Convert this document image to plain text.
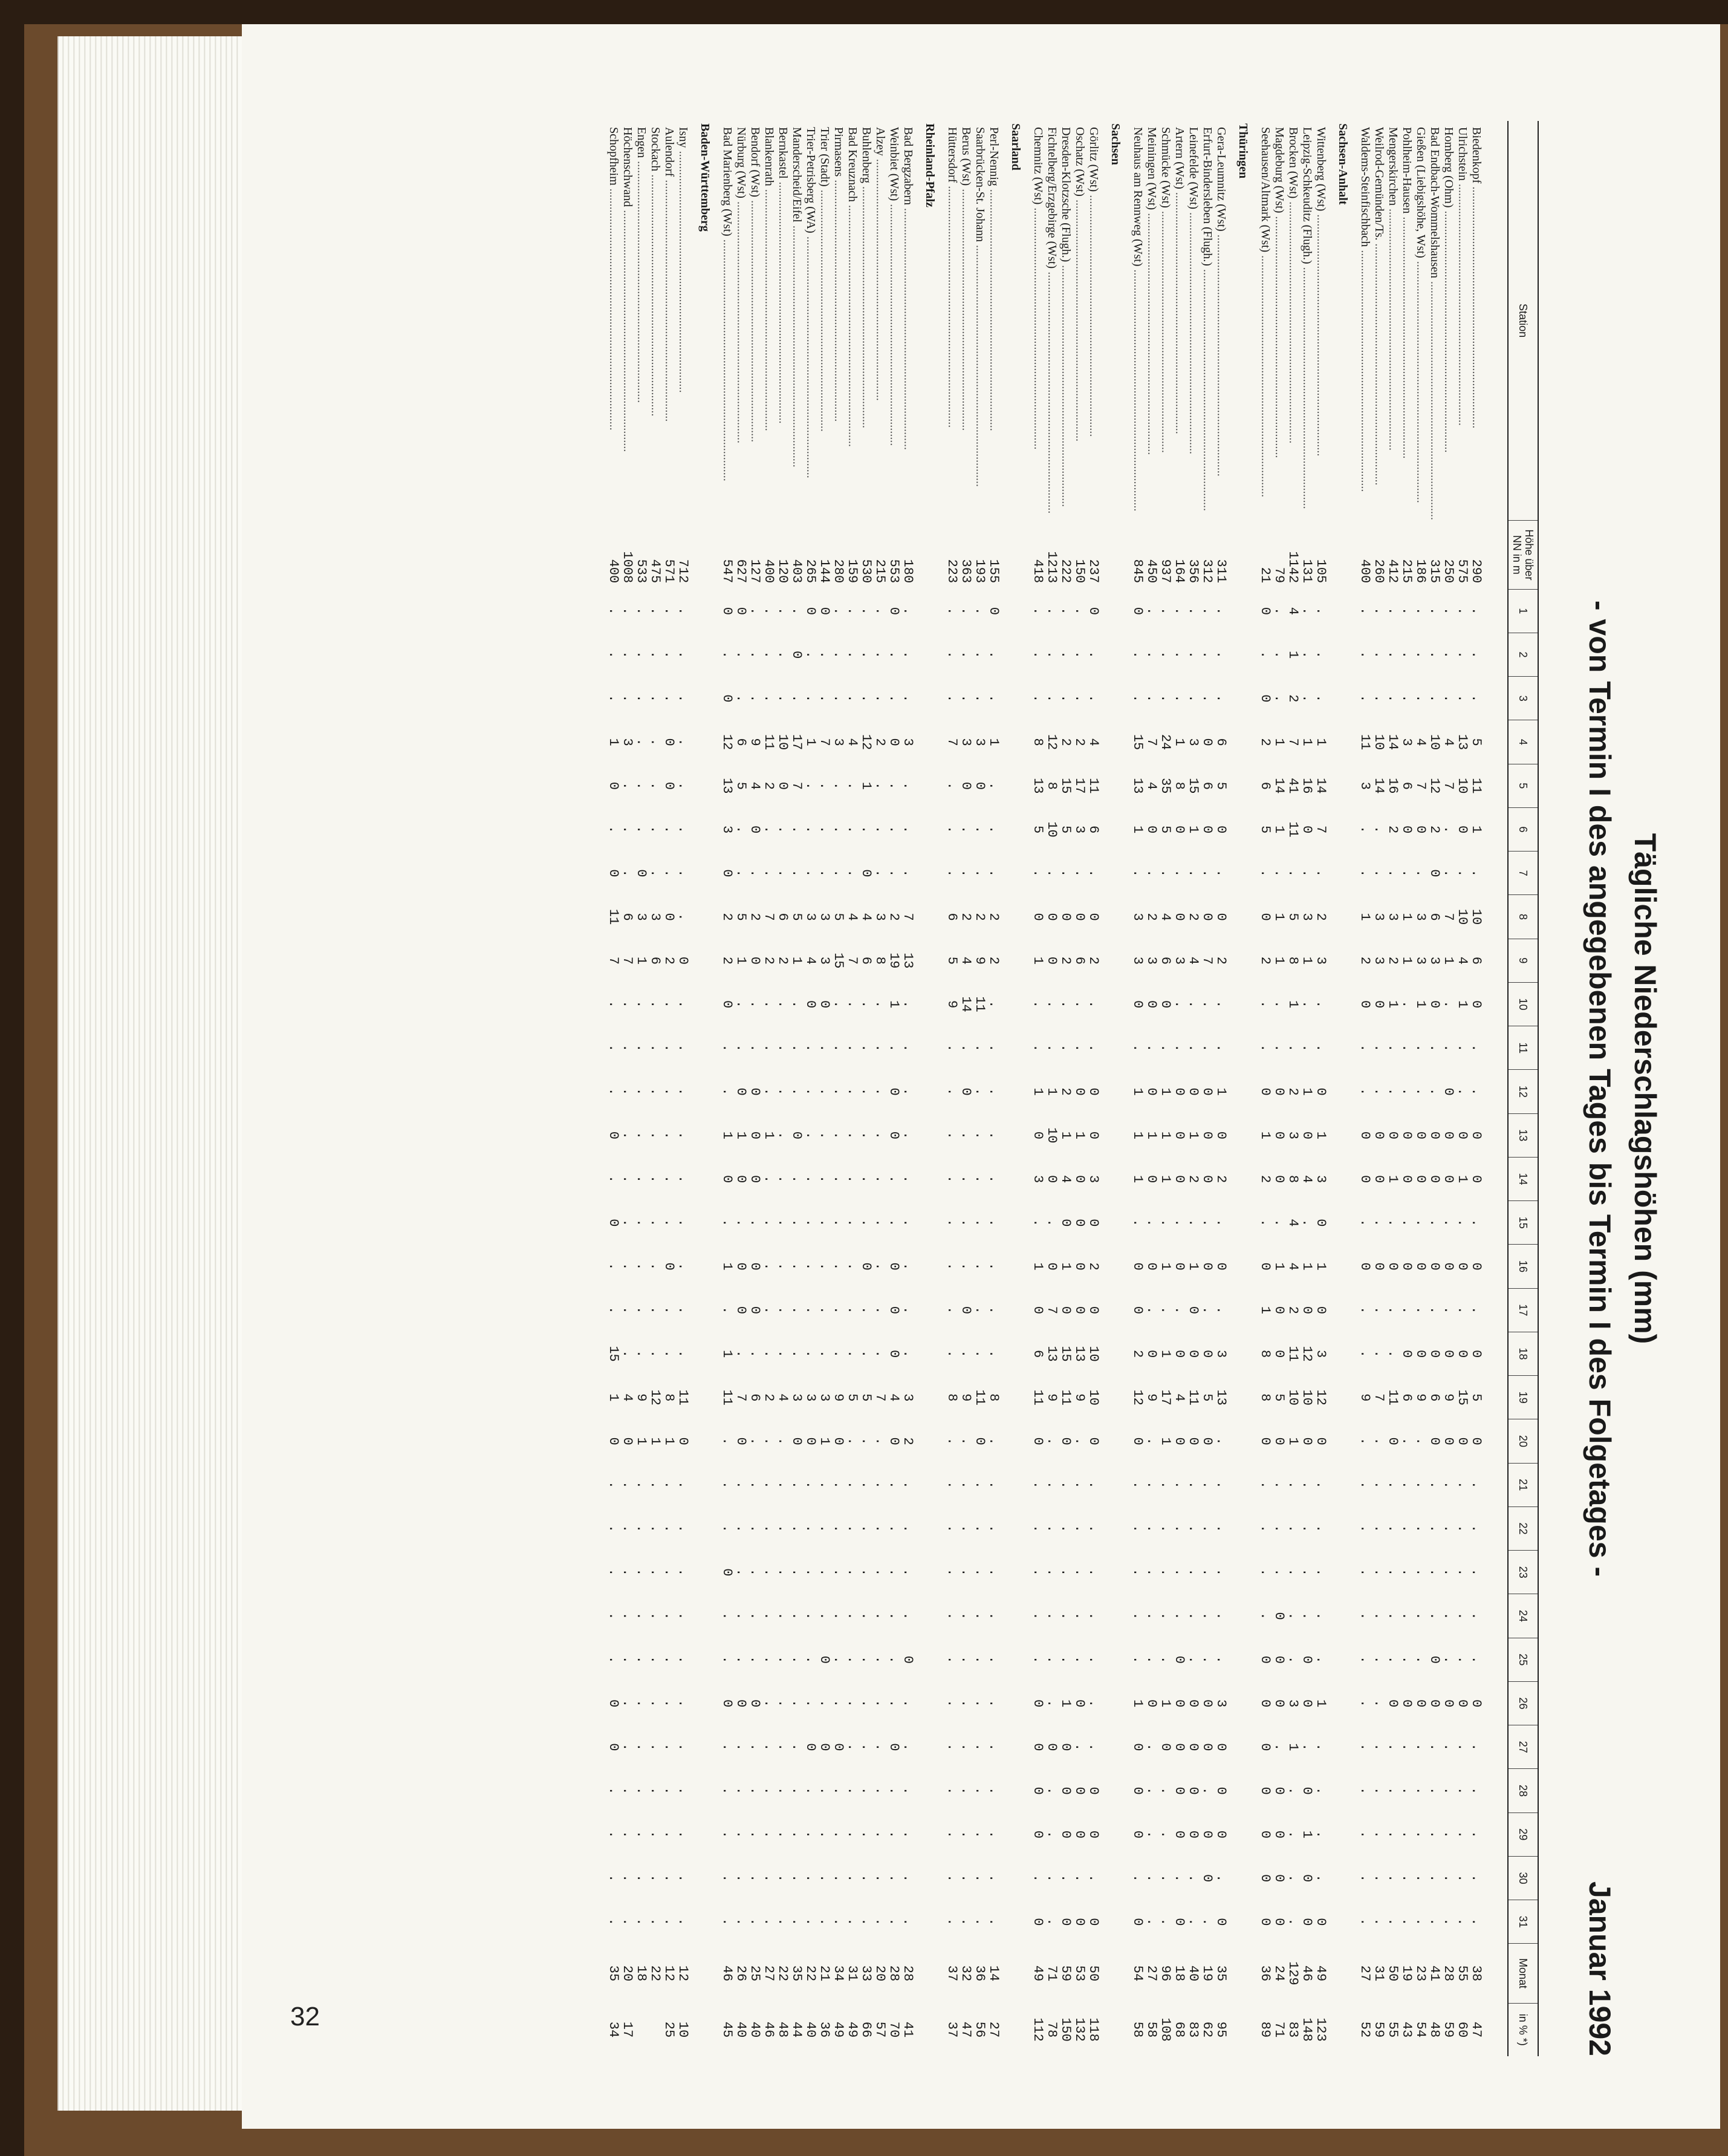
32
Tägliche Niederschlagshöhen (mm)
- von Termin I des angegebenen Tages bis Termin I des Folgetages -
Januar 1992
Station	Höhe über NN in m	1	2	3	4	5	6	7	8	9	10	11	12	13	14	15	16	17	18	19	20	21	22	23	24	25	26	27	28	29	30	31	Monat	in % *)

Biedenkopf .....	290	.	.	.	5	11	1	.	10	6	0	.	.	0	0	.	0	.	0	5	0	.	.	.	.	.	0	.	.	.	.	.	38	47
Ulrichstein .....	575	.	.	.	13	10	0	.	10	4	1	.	.	0	1	.	0	.	0	15	0	.	.	.	.	.	0	.	.	.	.	.	55	60
Homberg (Ohm) .....	250	.	.	.	4	7	.	.	7	1	.	.	0	0	0	.	0	.	0	9	0	.	.	.	.	.	0	.	.	.	.	.	28	59
Bad Endbach-Wommelshausen .....	315	.	.	.	10	12	2	0	6	3	0	.	.	0	0	.	0	.	0	6	0	.	.	.	.	0	0	.	.	.	.	.	41	48
Gießen (Liebigshöhe, Wst) .....	186	.	.	.	4	7	0	.	3	3	1	.	.	0	0	.	0	.	0	9	.	.	.	.	.	.	0	.	.	.	.	.	23	54
Pohlheim-Hausen .....	215	.	.	.	3	6	0	.	1	1	.	.	.	0	0	.	0	.	0	6	.	.	.	.	.	.	0	.	.	.	.	.	19	43
Mengerskirchen .....	412	.	.	.	14	16	2	.	3	2	1	.	.	0	1	.	0	.	.	11	0	.	.	.	.	.	0	.	.	.	.	.	50	55
Weilrod-Gemünden/Ts. .....	260	.	.	.	10	14	.	.	3	3	0	.	.	0	0	.	0	.	.	7	.	.	.	.	.	.	.	.	.	.	.	.	31	59
Waldems-Steinfischbach .....	400	.	.	.	11	3	.	.	1	2	0	.	.	0	0	.	0	.	.	9	.	.	.	.	.	.	.	.	.	.	.	.	27	52
Sachsen-Anhalt																																		
Wittenberg (Wst) .....	105	.	.	.	1	14	7	.	2	3	.	.	0	1	3	0	1	0	3	12	0	.	.	.	.	.	1	.	.	.	.	0	49	123
Leipzig-Schkeuditz (Flugh.) .....	131	.	.	.	1	16	0	.	3	1	.	.	1	0	4	.	1	0	12	10	0	.	.	.	.	0	0	.	0	1	0	0	46	148
Brocken (Wst) .....	1142	4	1	2	7	41	11	.	5	8	1	.	2	3	8	4	4	2	11	10	1	.	.	.	.	.	3	1	.	.	.	.	129	83
Magdeburg (Wst) .....	79	.	.	.	1	14	1	.	1	1	.	.	0	0	0	.	1	0	0	5	0	.	.	.	0	0	0	.	0	0	0	0	24	71
Seehausen/Altmark (Wst) .....	21	0	.	0	2	6	5	.	0	2	.	.	0	1	2	.	0	1	8	8	0	.	.	.	.	0	0	0	0	0	0	0	36	89
Thüringen																																		
Gera-Leumnitz (Wst) .....	311	.	.	.	6	5	0	.	0	2	.	.	1	0	2	.	0	.	3	13	.	.	.	.	.	.	3	0	0	0	.	0	35	95
Erfurt-Bindersleben (Flugh.) .....	312	.	.	.	0	6	0	.	0	7	.	.	0	0	0	.	0	.	0	5	0	.	.	.	.	.	0	0	.	0	0	.	19	62
Leinefelde (Wst) .....	356	.	.	.	3	15	1	.	2	4	.	.	0	1	2	.	1	0	0	11	0	.	.	.	.	.	0	0	0	0	.	.	40	83
Artern (Wst) .....	164	.	.	.	1	8	0	.	0	3	.	.	0	0	0	.	0	.	0	4	0	.	.	.	.	0	0	0	0	0	.	0	18	68
Schmücke (Wst) .....	937	.	.	.	24	35	5	.	4	6	0	.	1	1	1	.	1	.	1	17	1	.	.	.	.	.	1	0	.	.	.	.	96	108
Meiningen (Wst) .....	450	.	.	.	7	4	0	.	2	3	0	.	0	1	0	.	0	.	0	9	.	.	.	.	.	.	0	.	.	.	.	.	27	58
Neuhaus am Rennweg (Wst) .....	845	0	.	.	15	13	1	.	3	3	0	.	1	1	1	.	0	0	2	12	0	.	.	.	.	.	1	0	0	0	.	0	54	58
Sachsen																																		
Görlitz (Wst) .....	237	0	.	.	4	11	6	.	0	2	.	.	0	0	3	0	2	0	10	10	0	.	.	.	.	.	.	.	0	0	.	0	50	118
Oschatz (Wst) .....	150	.	.	.	2	17	3	.	0	6	.	.	0	1	0	0	0	0	13	9	.	.	.	.	.	.	0	.	0	0	.	0	53	132
Dresden-Klotzsche (Flugh.) .....	222	.	.	.	2	15	5	.	0	2	.	.	2	1	4	0	1	0	15	11	0	.	.	.	.	.	1	0	0	0	.	0	59	150
Fichtelberg/Erzgebirge (Wst) .....	1213	.	.	.	12	8	10	.	0	0	.	.	1	10	0	.	0	7	13	9	.	.	.	.	.	.	.	0	.	.	.	.	71	78
Chemnitz (Wst) .....	418	.	.	.	8	13	5	.	0	1	.	.	1	0	3	.	1	0	6	11	0	.	.	.	.	.	0	0	0	0	.	0	49	112
Saarland																																		
Perl-Nennig .....	155	0	.	.	1	.	.	.	2	2	.	.	.	.	.	.	.	.	.	8	.	.	.	.	.	.	.	.	.	.	.	.	14	27
Saarbrücken-St. Johann .....	193	.	.	.	3	0	.	.	2	9	11	.	.	.	.	.	.	.	.	11	0	.	.	.	.	.	.	.	.	.	.	.	36	56
Berus (Wst) .....	363	.	.	.	3	0	.	.	2	4	14	.	0	.	.	.	.	0	.	9	.	.	.	.	.	.	.	.	.	.	.	.	32	47
Hüttersdorf .....	223	.	.	.	7	.	.	.	6	5	9	.	.	.	.	.	.	.	.	8	.	.	.	.	.	.	.	.	.	.	.	.	37	37
Rheinland-Pfalz																																		
Bad Bergzabern .....	180	.	.	.	3	.	.	.	7	13	.	.	.	.	.	.	.	.	.	3	2	.	.	.	.	0	.	.	.	.	.	.	28	41
Weinbiet (Wst) .....	553	0	.	.	0	.	.	.	2	19	1	.	0	0	.	.	0	0	0	4	0	.	.	.	.	.	.	0	.	.	.	.	28	70
Alzey .....	215	.	.	.	2	.	.	.	3	8	.	.	.	.	.	.	.	.	.	7	.	.	.	.	.	.	.	.	.	.	.	.	20	57
Buhlenberg .....	530	.	.	.	12	1	.	0	4	6	.	.	.	.	.	.	0	.	.	5	.	.	.	.	.	.	.	.	.	.	.	.	33	66
Bad Kreuznach .....	159	.	.	.	4	.	.	.	4	7	.	.	.	.	.	.	.	.	.	5	.	.	.	.	.	.	.	.	.	.	.	.	31	49
Pirmasens .....	280	.	.	.	3	.	.	.	5	15	.	.	.	.	.	.	.	.	.	9	0	.	.	.	.	.	.	0	.	.	.	.	34	49
Trier (Stadt) .....	144	0	.	.	7	.	.	.	3	3	0	.	.	.	.	.	.	.	.	3	1	.	.	.	.	0	.	0	.	.	.	.	21	36
Trier-Petrisberg (WA) .....	265	0	.	.	1	.	.	.	3	4	0	.	.	.	.	.	.	.	.	3	0	.	.	.	.	.	.	0	.	.	.	.	22	40
Manderscheid/Eifel .....	403	.	0	.	17	7	.	.	5	1	.	.	.	0	.	.	.	.	.	3	0	.	.	.	.	.	.	.	.	.	.	.	35	44
Bernkastel .....	120	.	.	.	10	0	.	.	6	2	.	.	.	.	.	.	.	.	.	4	.	.	.	.	.	.	.	.	.	.	.	.	22	48
Blankenrath .....	400	.	.	.	11	2	.	.	7	2	.	.	.	1	.	.	.	.	.	2	.	.	.	.	.	.	.	.	.	.	.	.	27	46
Bendorf (Wst) .....	127	.	.	.	9	4	0	.	2	0	.	.	0	0	0	.	0	0	.	6	.	.	.	.	.	.	0	.	.	.	.	.	25	40
Nürburg (Wst) .....	627	0	.	.	6	5	.	.	5	1	.	.	0	1	0	.	0	0	.	7	0	.	.	.	.	.	0	.	.	.	.	.	26	40
Bad Marienberg (Wst) .....	547	0	.	0	12	13	3	0	2	2	0	.	.	1	0	.	1	.	1	11	.	.	.	0	.	.	0	.	.	.	.	.	46	45
Baden-Württemberg																																		
Isny .....	712	.	.	.	.	.	.	.	.	0	.	.	.	.	.	.	.	.	.	11	0	.	.	.	.	.	.	.	.	.	.	.	12	10
Aulendorf .....	571	.	.	.	0	0	.	.	0	2	.	.	.	.	.	.	0	.	.	8	1	.	.	.	.	.	.	.	.	.	.	.	12	25
Stockach .....	475	.	.	.	.	.	.	.	3	6	.	.	.	.	.	.	.	.	.	12	1	.	.	.	.	.	.	.	.	.	.	.	22	
Engen .....	533	.	.	.	.	.	.	0	3	1	.	.	.	.	.	.	.	.	.	9	1	.	.	.	.	.	.	.	.	.	.	.	18	
Höchenschwand .....	1008	.	.	.	3	.	.	.	6	7	.	.	.	.	.	.	.	.	.	4	0	.	.	.	.	.	.	.	.	.	.	.	20	17
Schopfheim .....	400	.	.	.	1	0	.	0	11	7	.	.	.	0	.	0	.	.	15	1	0	.	.	.	.	.	0	0	.	.	.	.	35	34
